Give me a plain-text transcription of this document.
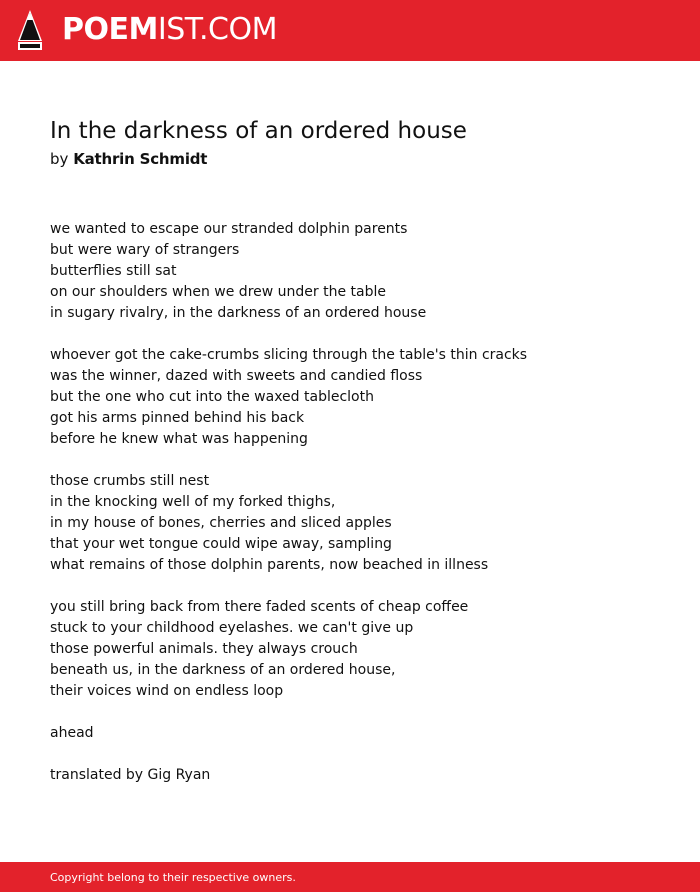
POEMIST.COM
In the darkness of an ordered house
by Kathrin Schmidt
we wanted to escape our stranded dolphin parents
but were wary of strangers
butterflies still sat
on our shoulders when we drew under the table
in sugary rivalry, in the darkness of an ordered house
whoever got the cake-crumbs slicing through the table's thin cracks
was the winner, dazed with sweets and candied floss
but the one who cut into the waxed tablecloth
got his arms pinned behind his back
before he knew what was happening
those crumbs still nest
in the knocking well of my forked thighs,
in my house of bones, cherries and sliced apples
that your wet tongue could wipe away, sampling
what remains of those dolphin parents, now beached in illness
you still bring back from there faded scents of cheap coffee
stuck to your childhood eyelashes. we can't give up
those powerful animals. they always crouch
beneath us, in the darkness of an ordered house,
their voices wind on endless loop
ahead
translated by Gig Ryan
Copyright belong to their respective owners.
